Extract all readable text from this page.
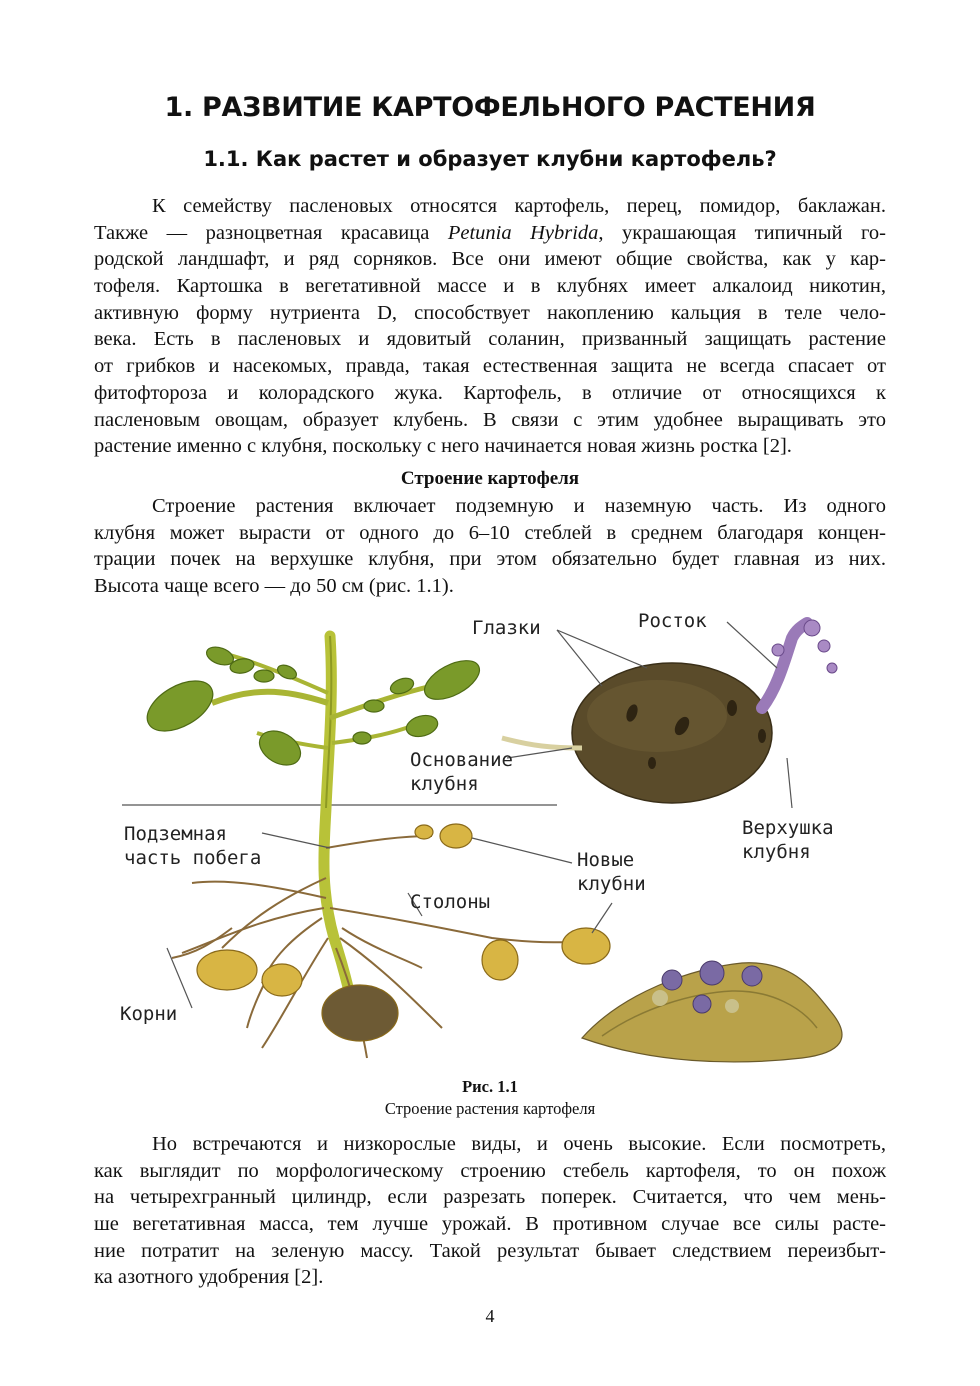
1. РАЗВИТИЕ КАРТОФЕЛЬНОГО РАСТЕНИЯ
1.1. Как растет и образует клубни картофель?
К семейству пасленовых относятся картофель, перец, помидор, баклажан.
Также — разноцветная красавица Petunia Hybrida, украшающая типичный го-
родской ландшафт, и ряд сорняков. Все они имеют общие свойства, как у кар-
тофеля. Картошка в вегетативной массе и в клубнях имеет алкалоид никотин,
активную форму нутриента D, способствует накоплению кальция в теле чело-
века. Есть в пасленовых и ядовитый соланин, призванный защищать растение
от грибков и насекомых, правда, такая естественная защита не всегда спасает от
фитофтороза и колорадского жука. Картофель, в отличие от относящихся к
пасленовым овощам, образует клубень. В связи с этим удобнее выращивать это
растение именно с клубня, поскольку с него начинается новая жизнь ростка [2].
Строение картофеля
Строение растения включает подземную и наземную часть. Из одного
клубня может вырасти от одного до 6–10 стеблей в среднем благодаря концен-
трации почек на верхушке клубня, при этом обязательно будет главная из них.
Высота чаще всего — до 50 см (рис. 1.1).
Глазки	Росток
Основание
клубня
Верхушка
клубня
Подземная
часть побега	Новые
клубни
Столоны
Корни
Рис. 1.1
Строение растения картофеля
Но встречаются и низкорослые виды, и очень высокие. Если посмотреть,
как выглядит по морфологическому строению стебель картофеля, то он похож
на четырехгранный цилиндр, если разрезать поперек. Считается, что чем мень-
ше вегетативная масса, тем лучше урожай. В противном случае все силы расте-
ние потратит на зеленую массу. Такой результат бывает следствием переизбыт-
ка азотного удобрения [2].
4
